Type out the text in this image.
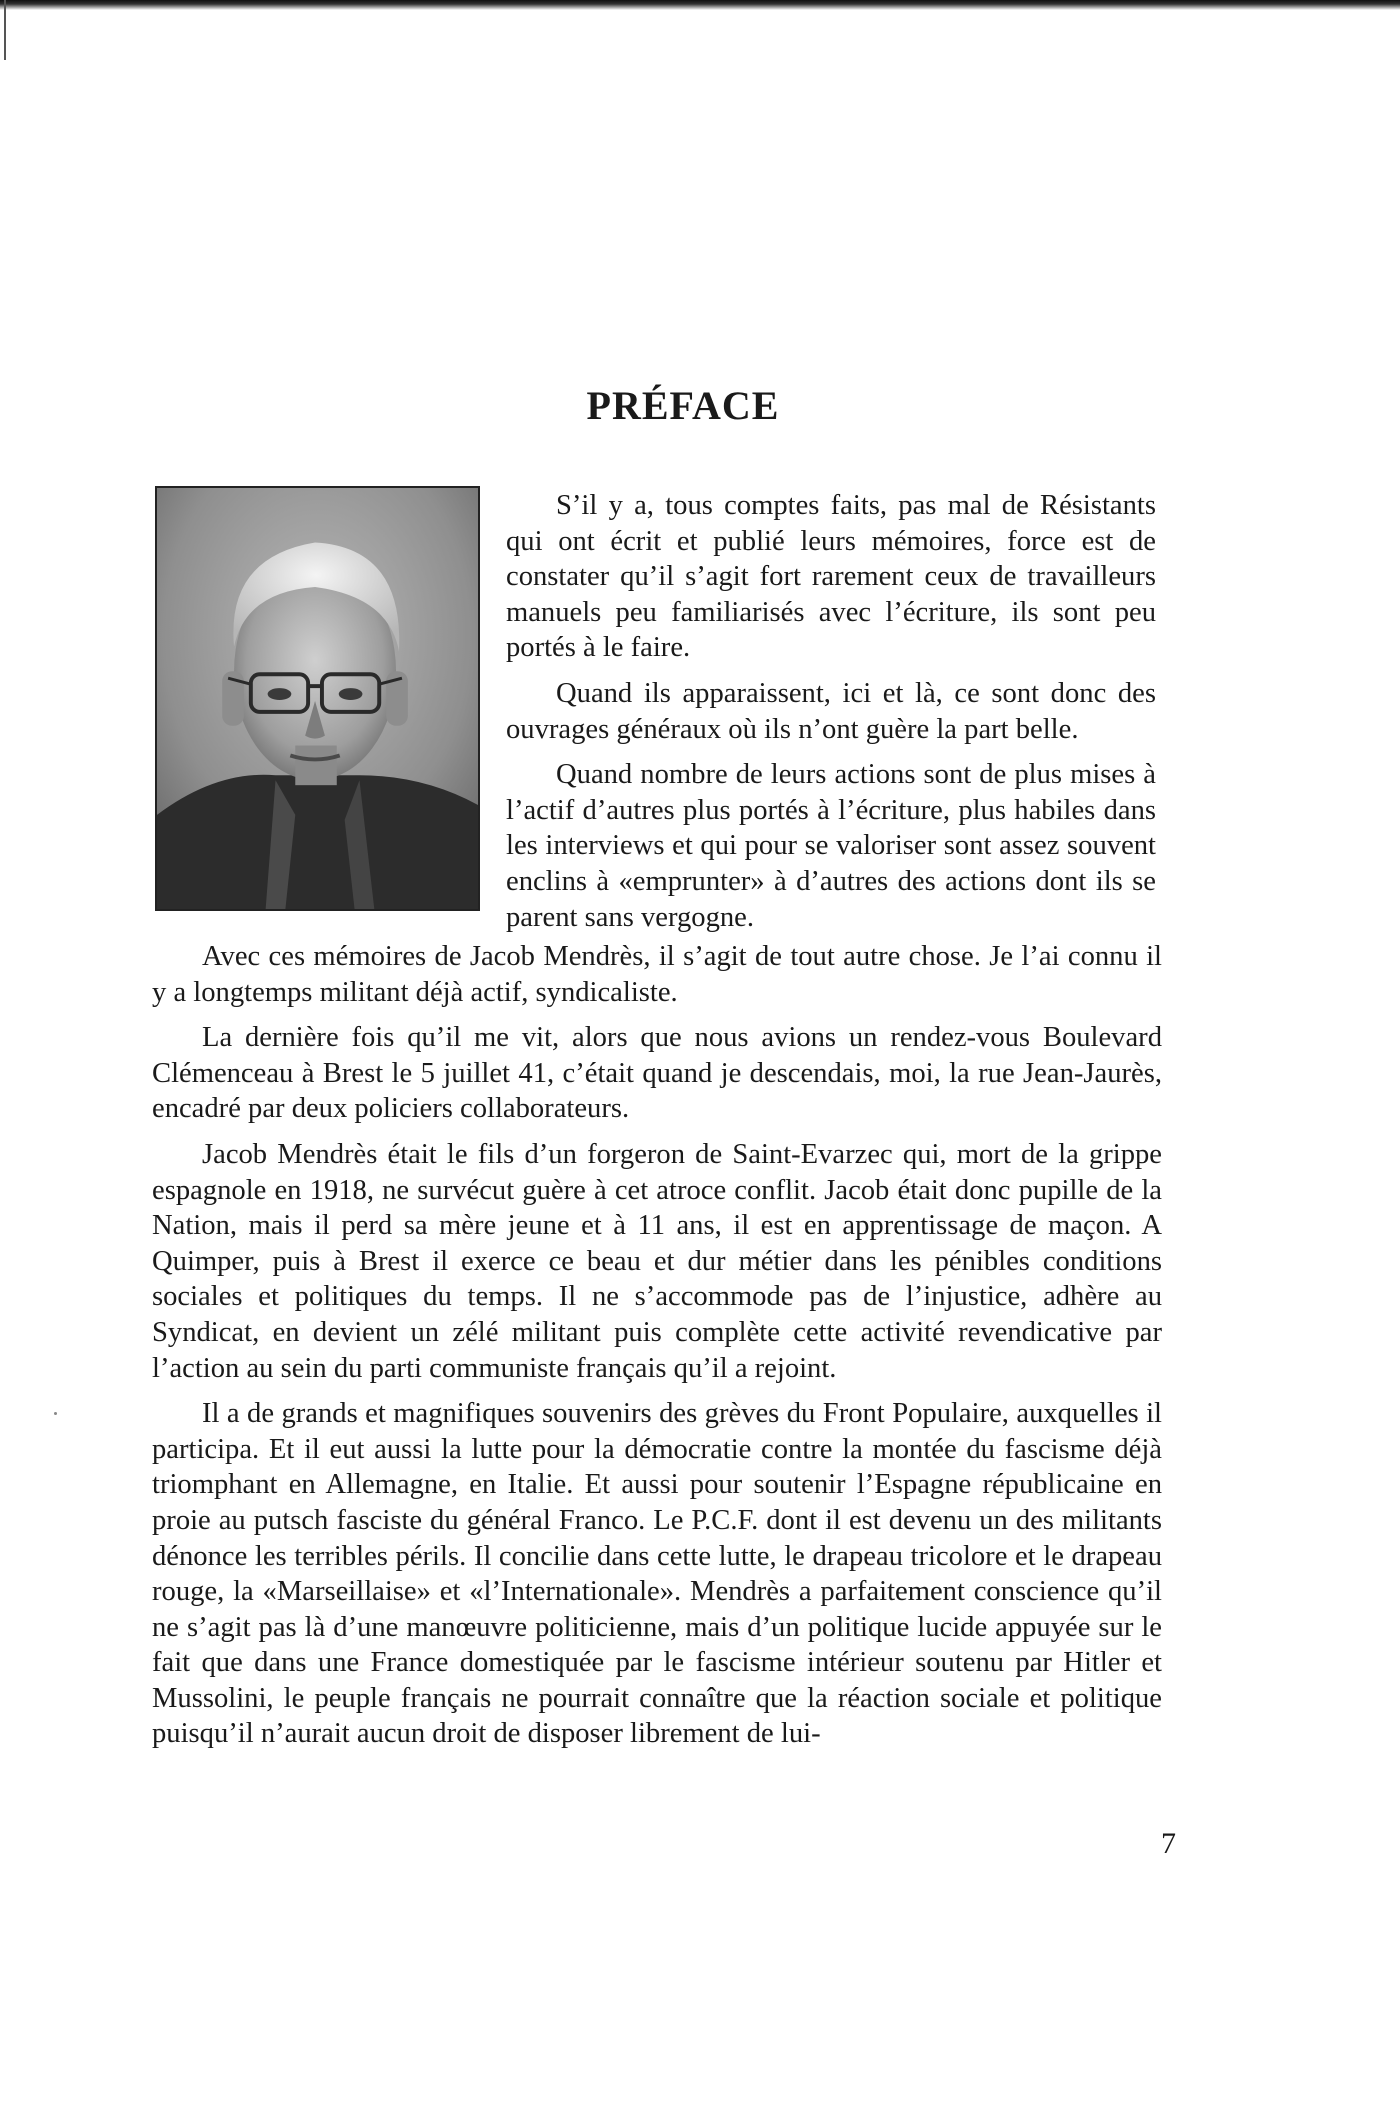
PRÉFACE

S’il y a, tous comptes faits, pas mal de Résistants qui ont écrit et publié leurs mémoires, force est de constater qu’il s’agit fort rarement ceux de travailleurs manuels peu familiarisés avec l’écriture, ils sont peu portés à le faire.

Quand ils apparaissent, ici et là, ce sont donc des ouvrages généraux où ils n’ont guère la part belle.

Quand nombre de leurs actions sont de plus mises à l’actif d’autres plus portés à l’écriture, plus habiles dans les interviews et qui pour se valoriser sont assez souvent enclins à «emprunter» à d’autres des actions dont ils se parent sans vergogne.

Avec ces mémoires de Jacob Mendrès, il s’agit de tout autre chose. Je l’ai connu il y a longtemps militant déjà actif, syndicaliste.

La dernière fois qu’il me vit, alors que nous avions un rendez-vous Boulevard Clémenceau à Brest le 5 juillet 41, c’était quand je descendais, moi, la rue Jean-Jaurès, encadré par deux policiers collaborateurs.

Jacob Mendrès était le fils d’un forgeron de Saint-Evarzec qui, mort de la grippe espagnole en 1918, ne survécut guère à cet atroce conflit. Jacob était donc pupille de la Nation, mais il perd sa mère jeune et à 11 ans, il est en apprentissage de maçon. A Quimper, puis à Brest il exerce ce beau et dur métier dans les pénibles conditions sociales et politiques du temps. Il ne s’accommode pas de l’injustice, adhère au Syndicat, en devient un zélé militant puis complète cette activité revendicative par l’action au sein du parti communiste français qu’il a rejoint.

Il a de grands et magnifiques souvenirs des grèves du Front Populaire, auxquelles il participa. Et il eut aussi la lutte pour la démocratie contre la montée du fascisme déjà triomphant en Allemagne, en Italie. Et aussi pour soutenir l’Espagne républicaine en proie au putsch fasciste du général Franco. Le P.C.F. dont il est devenu un des militants dénonce les terribles périls. Il concilie dans cette lutte, le drapeau tricolore et le drapeau rouge, la «Marseillaise» et «l’Internationale». Mendrès a parfaitement conscience qu’il ne s’agit pas là d’une manœuvre politicienne, mais d’un politique lucide appuyée sur le fait que dans une France domestiquée par le fascisme intérieur soutenu par Hitler et Mussolini, le peuple français ne pourrait connaître que la réaction sociale et politique puisqu’il n’aurait aucun droit de disposer librement de lui-

7
